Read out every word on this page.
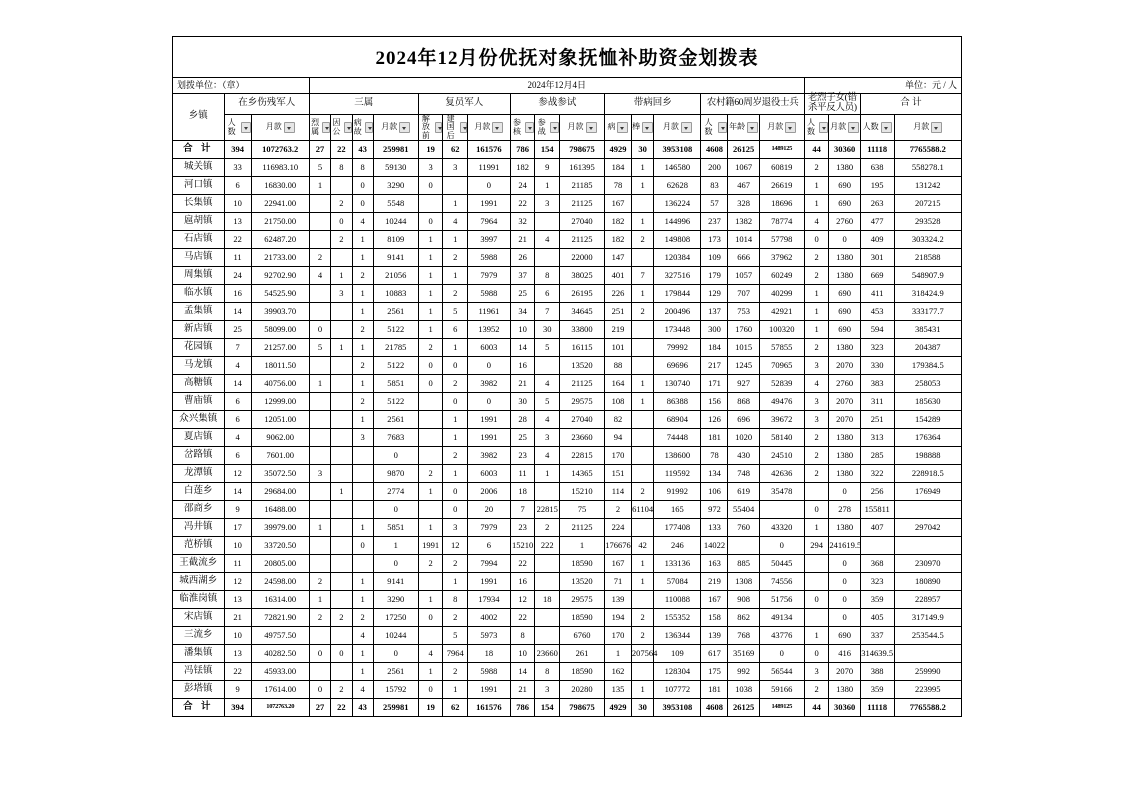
2024年12月份优抚对象抚恤补助资金划拨表
划拨单位：（章）			2024年12月4日																单位：元 / 人			
乡镇	在乡伤残军人		三属				复员军人			参战参试			带病回乡			农村籍60周岁退役士兵			老烈子女(错杀平反人员)		合 计	

	人数	月款	烈属	因公	病故	月款	解放前	建国后	月款	参核	参战	月款	病	棒	月款	人数	年龄	月款	人数	月款	人数	月款

合 计	394	1072763.2	27	22	43	259981	19	62	161576	786	154	798675	4929	30	3953108	4608	26125	1489125	44	30360	11118	7765588.2
城关镇	33	116983.10	5	8	8	59130	3	3	11991	182	9	161395	184	1	146580	200	1067	60819	2	1380	638	558278.1
河口镇	6	16830.00	1		0	3290	0		0	24	1	21185	78	1	62628	83	467	26619	1	690	195	131242
长集镇	10	22941.00		2	0	5548		1	1991	22	3	21125	167		136224	57	328	18696	1	690	263	207215
扈胡镇	13	21750.00		0	4	10244	0	4	7964	32		27040	182	1	144996	237	1382	78774	4	2760	477	293528
石店镇	22	62487.20		2	1	8109	1	1	3997	21	4	21125	182	2	149808	173	1014	57798	0	0	409	303324.2
马店镇	11	21733.00	2		1	9141	1	2	5988	26		22000	147		120384	109	666	37962	2	1380	301	218588
周集镇	24	92702.90	4	1	2	21056	1	1	7979	37	8	38025	401	7	327516	179	1057	60249	2	1380	669	548907.9
临水镇	16	54525.90		3	1	10883	1	2	5988	25	6	26195	226	1	179844	129	707	40299	1	690	411	318424.9
孟集镇	14	39903.70			1	2561	1	5	11961	34	7	34645	251	2	200496	137	753	42921	1	690	453	333177.7
新店镇	25	58099.00	0		2	5122	1	6	13952	10	30	33800	219		173448	300	1760	100320	1	690	594	385431
花园镇	7	21257.00	5	1	1	21785	2	1	6003	14	5	16115	101		79992	184	1015	57855	2	1380	323	204387
马龙镇	4	18011.50			2	5122	0	0	0	16		13520	88		69696	217	1245	70965	3	2070	330	179384.5
高糖镇	14	40756.00	1		1	5851	0	2	3982	21	4	21125	164	1	130740	171	927	52839	4	2760	383	258053
曹庙镇	6	12999.00			2	5122		0	0	30	5	29575	108	1	86388	156	868	49476	3	2070	311	185630
众兴集镇	6	12051.00			1	2561		1	1991	28	4	27040	82		68904	126	696	39672	3	2070	251	154289
夏店镇	4	9062.00			3	7683		1	1991	25	3	23660	94		74448	181	1020	58140	2	1380	313	176364
岔路镇	6	7601.00				0		2	3982	23	4	22815	170		138600	78	430	24510	2	1380	285	198888
龙潭镇	12	35072.50	3			9870	2	1	6003	11	1	14365	151		119592	134	748	42636	2	1380	322	228918.5
白莲乡	14	29684.00		1		2774	1	0	2006	18		15210	114	2	91992	106	619	35478		0	256	176949
邵商乡	9	16488.00				0		0	20	7	22815	75	2	61104	165	972	55404		0	278	155811	
冯井镇	17	39979.00	1		1	5851	1	3	7979	23	2	21125	224		177408	133	760	43320	1	1380	407	297042
范桥镇	10	33720.50			0	1	1991	12	6	15210	222	1	176676	42	246	14022		0	294	241619.5		
王截流乡	11	20805.00				0	2	2	7994	22		18590	167	1	133136	163	885	50445		0	368	230970
城西湖乡	12	24598.00	2		1	9141		1	1991	16		13520	71	1	57084	219	1308	74556		0	323	180890
临淮岗镇	13	16314.00	1		1	3290	1	8	17934	12	18	29575	139		110088	167	908	51756	0	0	359	228957
宋店镇	21	72821.90	2	2	2	17250	0	2	4002	22		18590	194	2	155352	158	862	49134		0	405	317149.9
三流乡	10	49757.50			4	10244		5	5973	8		6760	170	2	136344	139	768	43776	1	690	337	253544.5
潘集镇	13	40282.50	0	0	1	0	4	7964	18	10	23660	261	1	207564	109	617	35169	0	0	416	314639.5	
冯铥镇	22	45933.00			1	2561	1	2	5988	14	8	18590	162		128304	175	992	56544	3	2070	388	259990
彭塔镇	9	17614.00	0	2	4	15792	0	1	1991	21	3	20280	135	1	107772	181	1038	59166	2	1380	359	223995
合 计	394	1072763.20	27	22	43	259981	19	62	161576	786	154	798675	4929	30	3953108	4608	26125	1489125	44	30360	11118	7765588.2
